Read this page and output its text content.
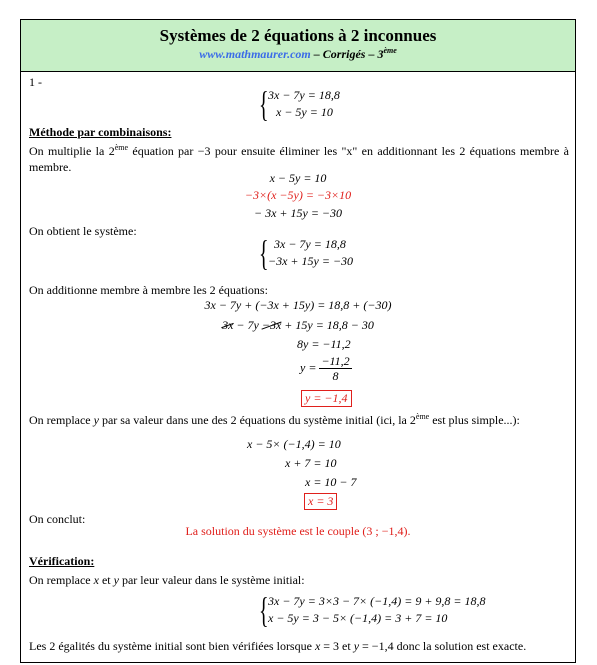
Systèmes de 2 équations à 2 inconnues
www.mathmaurer.com – Corrigés – 3ème
1 -
{ 3x − 7y = 18,8
x − 5y = 10
Méthode par combinaisons:
On multiplie la 2ème équation par −3 pour ensuite éliminer les "x" en additionnant les 2 équations membre à membre.
x − 5y = 10
−3×(x −5y) = −3×10
− 3x + 15y = −30
On obtient le système:
{ 3x − 7y = 18,8
−3x + 15y = −30
On additionne membre à membre les 2 équations:
3x − 7y + (−3x + 15y) = 18,8 + (−30)
3x − 7y −3x + 15y = 18,8 − 30
8y = −11,2
$y = \frac{-11,2}{8}$
y = −1,4
On remplace y par sa valeur dans une des 2 équations du système initial (ici, la 2ème est plus simple...):
x − 5× (−1,4) = 10
x + 7 = 10
x = 10 − 7
x = 3
On conclut:
La solution du système est le couple (3 ; −1,4).
Vérification:
On remplace x et y par leur valeur dans le système initial:
{ 3x − 7y = 3×3 − 7× (−1,4) = 9 + 9,8 = 18,8
x − 5y = 3 − 5× (−1,4) = 3 + 7 = 10
Les 2 égalités du système initial sont bien vérifiées lorsque x = 3 et y = −1,4 donc la solution est exacte.
